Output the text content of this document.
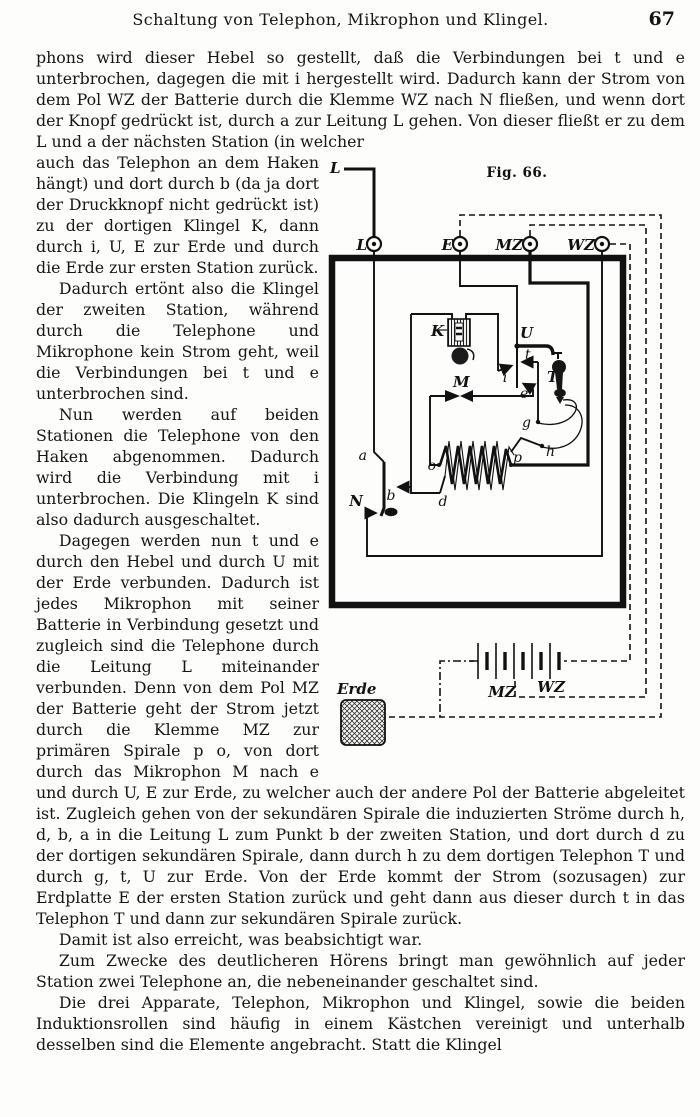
Schaltung von Telephon, Mikrophon und Klingel.	67

phons wird dieser Hebel so gestellt, daß die Verbindungen bei t und e unterbrochen, dagegen die mit i hergestellt wird. Dadurch kann der Strom von dem Pol WZ der Batterie durch die Klemme WZ nach N fließen, und wenn dort der Knopf gedrückt ist, durch a zur Leitung L gehen. Von dieser fließt er zu dem L und a der nächsten Station (in welcher

Fig. 66.
L
L	E	MZ	WZ
K	U
t
i
e
T
M
g
h
o	p
a
b	d
N
MZ WZ
Erde

auch das Telephon an dem Haken hängt) und dort durch b (da ja dort der Druckknopf nicht gedrückt ist) zu der dortigen Klingel K, dann durch i, U, E zur Erde und durch die Erde zur ersten Station zurück.

Dadurch ertönt also die Klingel der zweiten Station, während durch die Telephone und Mikrophone kein Strom geht, weil die Verbindungen bei t und e unterbrochen sind.

Nun werden auf beiden Stationen die Telephone von den Haken abgenommen. Dadurch wird die Verbindung mit i unterbrochen. Die Klingeln K sind also dadurch ausgeschaltet.

Dagegen werden nun t und e durch den Hebel und durch U mit der Erde verbunden. Dadurch ist jedes Mikrophon mit seiner Batterie in Verbindung gesetzt und zugleich sind die Telephone durch die Leitung L miteinander verbunden. Denn von dem Pol MZ der Batterie geht der Strom jetzt durch die Klemme MZ zur primären Spirale p o, von dort durch das Mikrophon M nach e und durch U, E zur Erde, zu welcher auch der andere Pol der Batterie abgeleitet ist. Zugleich gehen von der sekundären Spirale die induzierten Ströme durch h, d, b, a in die Leitung L zum Punkt b der zweiten Station, und dort durch d zu der dortigen sekundären Spirale, dann durch h zu dem dortigen Telephon T und durch g, t, U zur Erde. Von der Erde kommt der Strom (sozusagen) zur Erdplatte E der ersten Station zurück und geht dann aus dieser durch t in das Telephon T und dann zur sekundären Spirale zurück.

Damit ist also erreicht, was beabsichtigt war.

Zum Zwecke des deutlicheren Hörens bringt man gewöhnlich auf jeder Station zwei Telephone an, die nebeneinander geschaltet sind.

Die drei Apparate, Telephon, Mikrophon und Klingel, sowie die beiden Induktionsrollen sind häufig in einem Kästchen vereinigt und unterhalb desselben sind die Elemente angebracht. Statt die Klingel
